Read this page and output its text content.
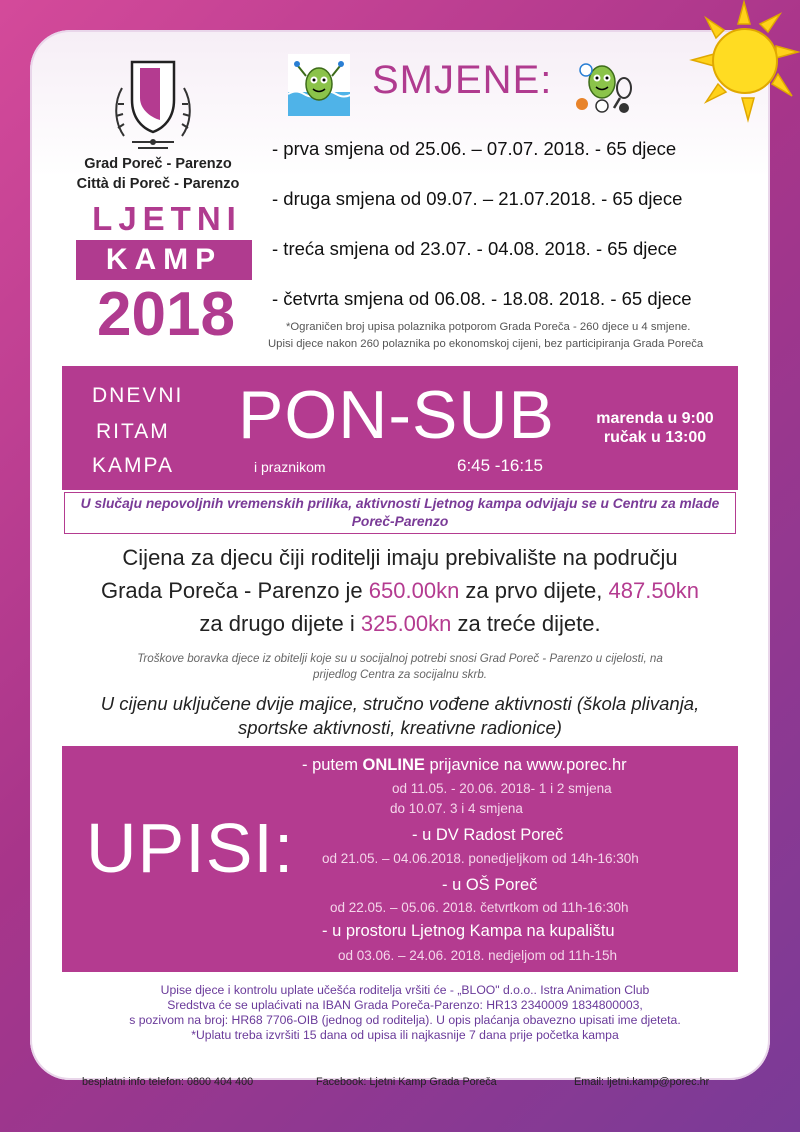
Grad Poreč - Parenzo
Città di Poreč - Parenzo
LJETNI
KAMP
2018
SMJENE:
- prva smjena od 25.06. – 07.07. 2018. - 65 djece
- druga smjena od 09.07. – 21.07.2018. - 65 djece
- treća smjena od 23.07. - 04.08. 2018. - 65 djece
- četvrta smjena od 06.08. - 18.08. 2018. - 65 djece
*Ograničen broj upisa polaznika potporom Grada Poreča - 260 djece u 4 smjene.
Upisi djece nakon 260 polaznika po ekonomskoj cijeni, bez participiranja Grada Poreča
DNEVNI
RITAM
KAMPA
PON-SUB
i praznikom	6:45 -16:15
marenda u 9:00
ručak u 13:00
U slučaju nepovoljnih vremenskih prilika, aktivnosti Ljetnog kampa odvijaju se u Centru za mlade Poreč-Parenzo
Cijena za djecu čiji roditelji imaju prebivalište na području
Grada Poreča - Parenzo je 650.00kn za prvo dijete, 487.50kn
za drugo dijete i 325.00kn za treće dijete.
Troškove boravka djece iz obitelji koje su u socijalnoj potrebi snosi Grad Poreč - Parenzo u cijelosti, na
prijedlog Centra za socijalnu skrb.
U cijenu uključene dvije majice, stručno vođene aktivnosti (škola plivanja,
sportske aktivnosti, kreativne radionice)
UPISI:
- putem ONLINE prijavnice na www.porec.hr
od 11.05. - 20.06. 2018- 1 i 2 smjena
do 10.07. 3 i 4 smjena
- u DV Radost Poreč
od 21.05. – 04.06.2018. ponedjeljkom od 14h-16:30h
- u OŠ Poreč
od 22.05. – 05.06. 2018. četvrtkom od 11h-16:30h
- u prostoru Ljetnog Kampa na kupalištu
od 03.06. – 24.06. 2018. nedjeljom od 11h-15h
Upise djece i kontrolu uplate učešća roditelja vršiti će - „BLOO" d.o.o.. Istra Animation Club
Sredstva će se uplaćivati na IBAN Grada Poreča-Parenzo: HR13 2340009 1834800003,
s pozivom na broj: HR68 7706-OIB (jednog od roditelja). U opis plaćanja obavezno upisati ime djeteta.
*Uplatu treba izvršiti 15 dana od upisa ili najkasnije 7 dana prije početka kampa
besplatni info telefon: 0800 404 400	Facebook: Ljetni Kamp Grada Poreča	Email: ljetni.kamp@porec.hr
